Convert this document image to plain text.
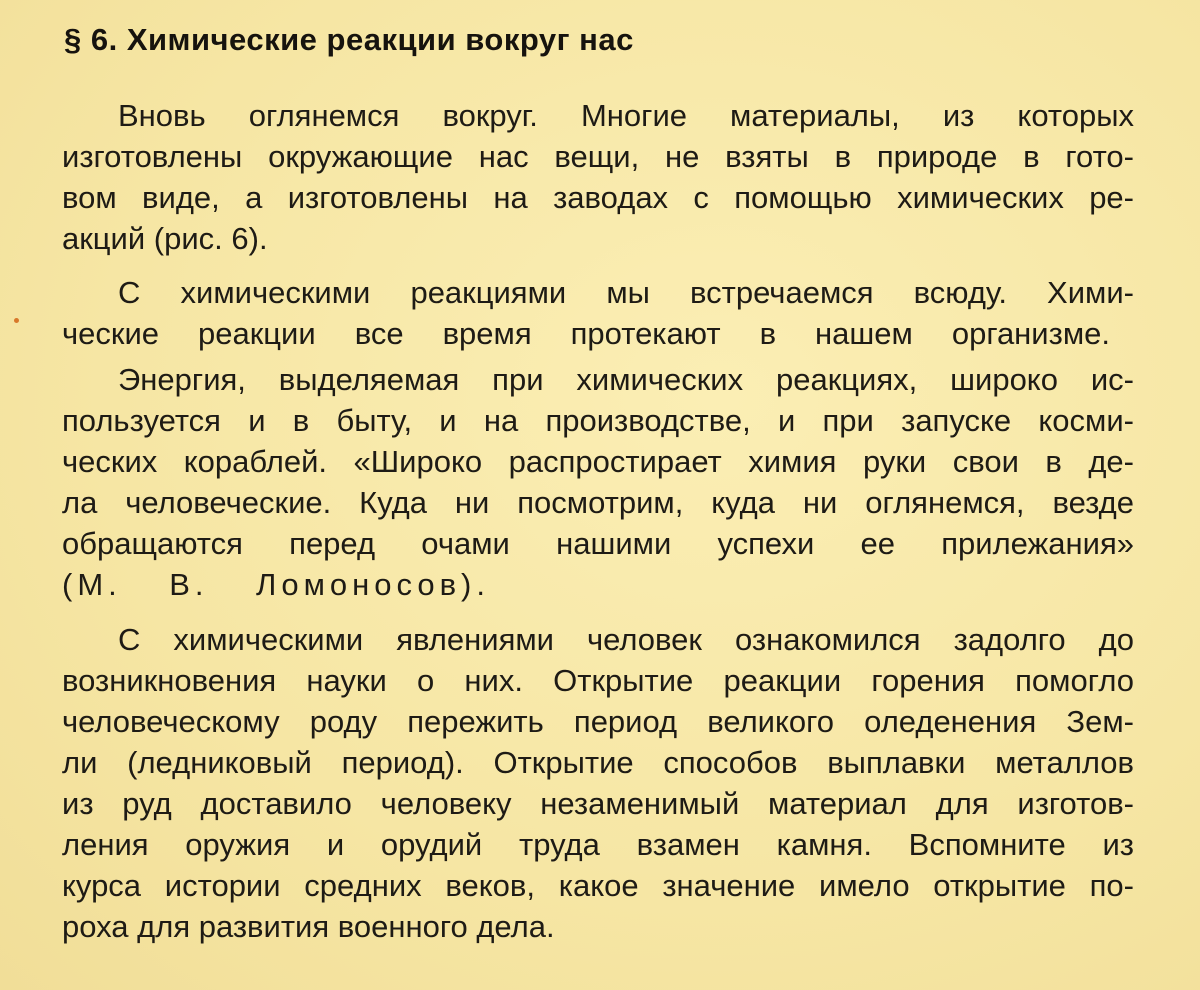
§ 6. Химические реакции вокруг нас
Вновь оглянемся вокруг. Многие материалы, из которых
изготовлены окружающие нас вещи, не взяты в природе в гото-
вом виде, а изготовлены на заводах с помощью химических ре-
акций (рис. 6).
С химическими реакциями мы встречаемся всюду. Хими-
ческие реакции все время протекают в нашем организме.
Энергия, выделяемая при химических реакциях, широко ис-
пользуется и в быту, и на производстве, и при запуске косми-
ческих кораблей. «Широко распростирает химия руки свои в де-
ла человеческие. Куда ни посмотрим, куда ни оглянемся, везде
обращаются перед очами нашими успехи ее прилежания»
(М. В. Ломоносов).
С химическими явлениями человек ознакомился задолго до
возникновения науки о них. Открытие реакции горения помогло
человеческому роду пережить период великого оледенения Зем-
ли (ледниковый период). Открытие способов выплавки металлов
из руд доставило человеку незаменимый материал для изготов-
ления оружия и орудий труда взамен камня. Вспомните из
курса истории средних веков, какое значение имело открытие по-
роха для развития военного дела.
